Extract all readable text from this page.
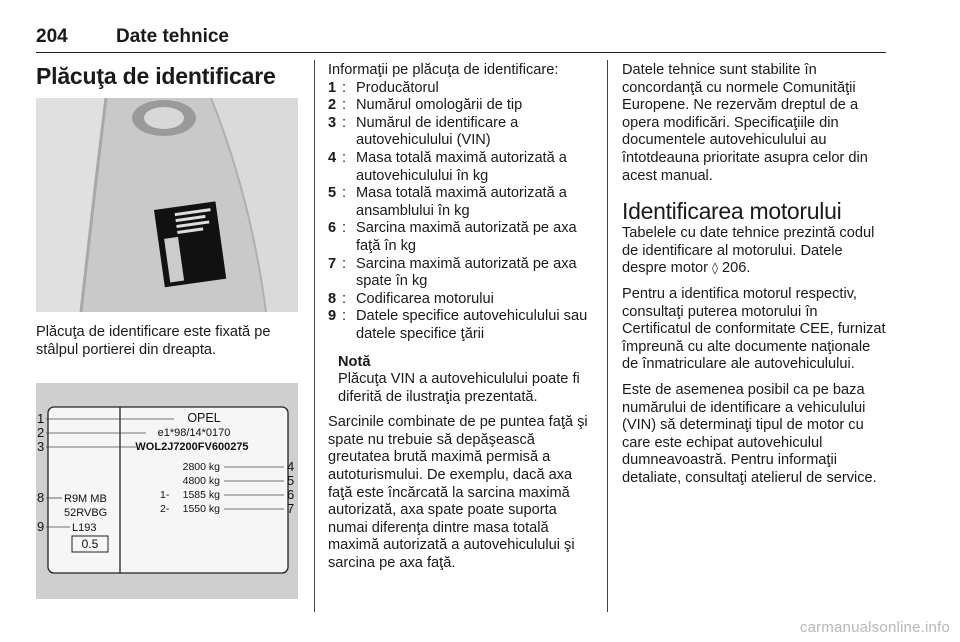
204	Date tehnice
Plăcuţa de identificare

Plăcuţa de identificare este fixată pe stâlpul portierei din dreapta.

1
2
3
8
9
4
5
6
7
OPEL
e1*98/14*0170
WOL2J7200FV600275
2800 kg
4800 kg
1- 1585 kg
2- 1550 kg
R9M MB
52RVBG
L193
0.5

Informaţii pe plăcuţa de identificare:

1 : Producătorul
2 : Numărul omologării de tip
3 : Numărul de identificare a autovehiculului (VIN)
4 : Masa totală maximă autorizată a autovehiculului în kg
5 : Masa totală maximă autorizată a ansamblului în kg
6 : Sarcina maximă autorizată pe axa faţă în kg
7 : Sarcina maximă autorizată pe axa spate în kg
8 : Codificarea motorului
9 : Datele specifice autovehiculului sau datele specifice ţării

Notă

Plăcuţa VIN a autovehiculului poate fi diferită de ilustraţia prezentată.

Sarcinile combinate de pe puntea faţă şi spate nu trebuie să depăşească greutatea brută maximă permisă a autoturismului. De exemplu, dacă axa faţă este încărcată la sarcina maximă autorizată, axa spate poate suporta numai diferenţa dintre masa totală maximă autorizată a autovehiculului şi sarcina pe axa faţă.

Datele tehnice sunt stabilite în concordanţă cu normele Comunităţii Europene. Ne rezervăm dreptul de a opera modificări. Specificaţiile din documentele autovehiculului au întotdeauna prioritate asupra celor din acest manual.

Identificarea motorului

Tabelele cu date tehnice prezintă codul de identificare al motorului. Datele despre motor ◊ 206.

Pentru a identifica motorul respectiv, consultaţi puterea motorului în Certificatul de conformitate CEE, furnizat împreună cu alte documente naţionale de înmatriculare ale autovehiculului.

Este de asemenea posibil ca pe baza numărului de identificare a vehiculului (VIN) să determinaţi tipul de motor cu care este echipat autovehiculul dumneavoastră. Pentru informaţii detaliate, consultaţi atelierul de service.

carmanualsonline.info
